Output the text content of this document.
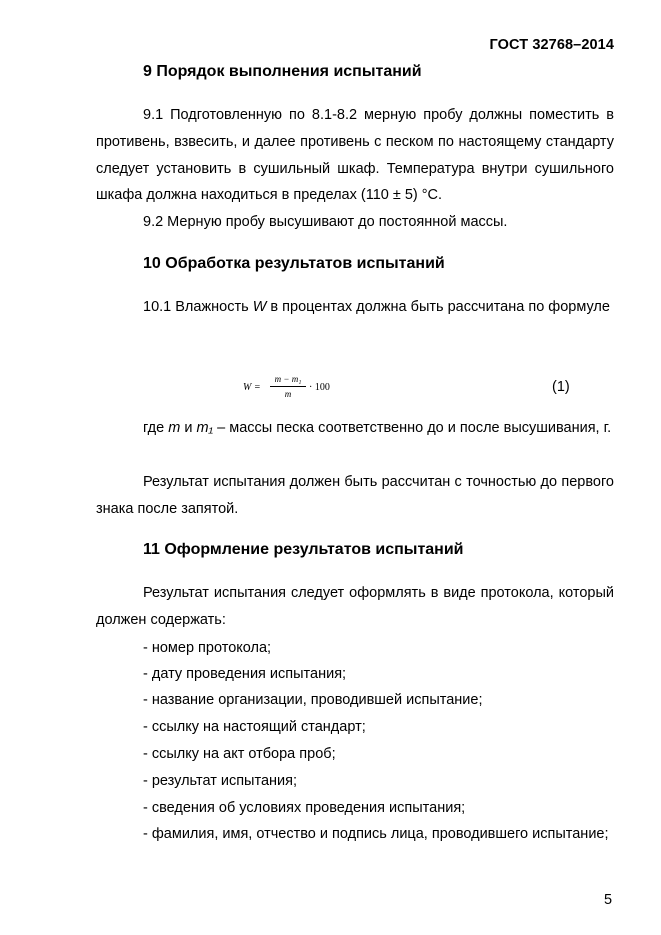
ГОСТ 32768–2014
9 Порядок выполнения испытаний

9.1 Подготовленную по 8.1-8.2 мерную пробу должны поместить в противень, взвесить, и далее противень с песком по настоящему стандарту следует установить в сушильный шкаф. Температура внутри сушильного шкафа должна находиться в пределах (110 ± 5) °С.

9.2 Мерную пробу высушивают до постоянной массы.

10 Обработка результатов испытаний

10.1 Влажность W в процентах должна быть рассчитана по формуле

W =
m − m₁
m
· 100	(1)

где m и m₁ – массы песка соответственно до и после высушивания, г.

Результат испытания должен быть рассчитан с точностью до первого знака после запятой.

11 Оформление результатов испытаний

Результат испытания следует оформлять в виде протокола, который должен содержать:

- номер протокола;
- дату проведения испытания;
- название организации, проводившей испытание;
- ссылку на настоящий стандарт;
- ссылку на акт отбора проб;
- результат испытания;
- сведения об условиях проведения испытания;

- фамилия, имя, отчество и подпись лица, проводившего испытание;

5
